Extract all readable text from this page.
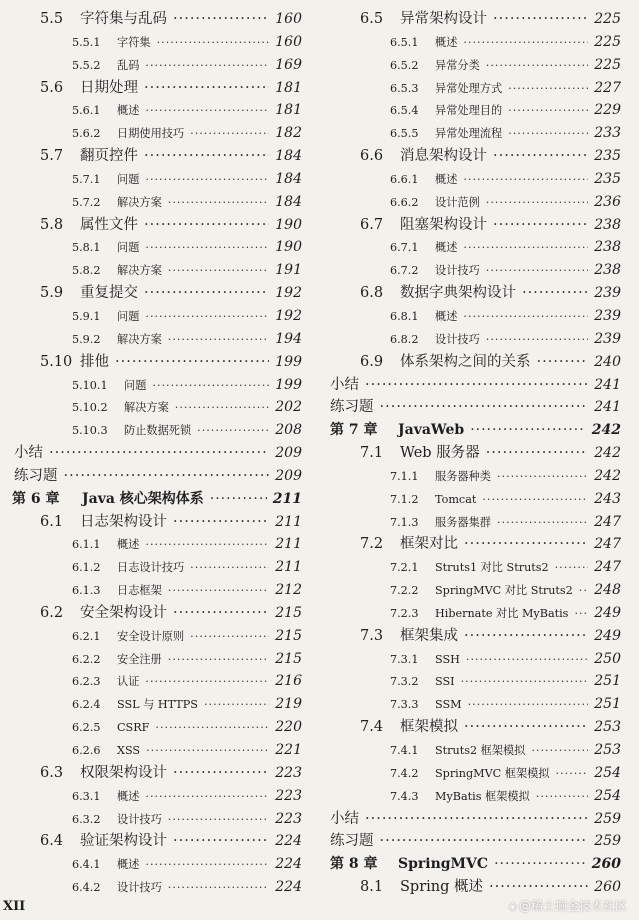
5.5	字符集与乱码 ·····	160
5.5.1	字符集 ·····	160
5.5.2	乱码 ·····	169
5.6	日期处理 ·····	181
5.6.1	概述 ·····	181
5.6.2	日期使用技巧 ·····	182
5.7	翻页控件 ·····	184
5.7.1	问题 ·····	184
5.7.2	解决方案 ·····	184
5.8	属性文件 ·····	190
5.8.1	问题 ·····	190
5.8.2	解决方案 ·····	191
5.9	重复提交 ·····	192
5.9.1	问题 ·····	192
5.9.2	解决方案 ·····	194
5.10 排他 ·····	199
5.10.1	问题 ·····	199
5.10.2	解决方案 ·····	202
5.10.3	防止数据死锁 ·····	208
小结 ·····	209
练习题 ·····	209
第 6 章	Java 核心架构体系 ·····	211
6.1	日志架构设计 ·····	211
6.1.1	概述 ·····	211
6.1.2	日志设计技巧 ·····	211
6.1.3	日志框架 ·····	212
6.2	安全架构设计 ·····	215
6.2.1	安全设计原则 ·····	215
6.2.2	安全注册 ·····	215
6.2.3	认证 ·····	216
6.2.4	SSL 与 HTTPS ·····	219
6.2.5	CSRF ·····	220
6.2.6	XSS ·····	221
6.3	权限架构设计 ·····	223
6.3.1	概述 ·····	223
6.3.2	设计技巧 ·····	223
6.4	验证架构设计 ·····	224
6.4.1	概述 ·····	224
6.4.2	设计技巧 ·····	224
6.5	异常架构设计 ·····	225
6.5.1	概述 ·····	225
6.5.2	异常分类 ·····	225
6.5.3	异常处理方式 ·····	227
6.5.4	异常处理目的 ·····	229
6.5.5	异常处理流程 ·····	233
6.6	消息架构设计 ·····	235
6.6.1	概述 ·····	235
6.6.2	设计范例 ·····	236
6.7	阻塞架构设计 ·····	238
6.7.1	概述 ·····	238
6.7.2	设计技巧 ·····	238
6.8	数据字典架构设计 ·····	239
6.8.1	概述 ·····	239
6.8.2	设计技巧 ·····	239
6.9	体系架构之间的关系 ·····	240
小结 ·····	241
练习题 ·····	241
第 7 章	JavaWeb ·····	242
7.1	Web 服务器 ·····	242
7.1.1	服务器种类 ·····	242
7.1.2	Tomcat ·····	243
7.1.3	服务器集群 ·····	247
7.2	框架对比 ·····	247
7.2.1	Struts1 对比 Struts2 ·····	247
7.2.2	SpringMVC 对比 Struts2 ····· 248
7.2.3	Hibernate 对比 MyBatis ····· 249
7.3	框架集成 ·····	249
7.3.1	SSH ·····	250
7.3.2	SSI ·····	251
7.3.3	SSM ·····	251
7.4	框架模拟 ·····	253
7.4.1	Struts2 框架模拟 ·····	253
7.4.2	SpringMVC 框架模拟 ·····	254
7.4.3	MyBatis 框架模拟 ·····	254
小结 ·····	259
练习题 ·····	259
第 8 章	SpringMVC ·····	260
8.1	Spring 概述 ·····	260
XII	◈ @稀土掘金技术社区
